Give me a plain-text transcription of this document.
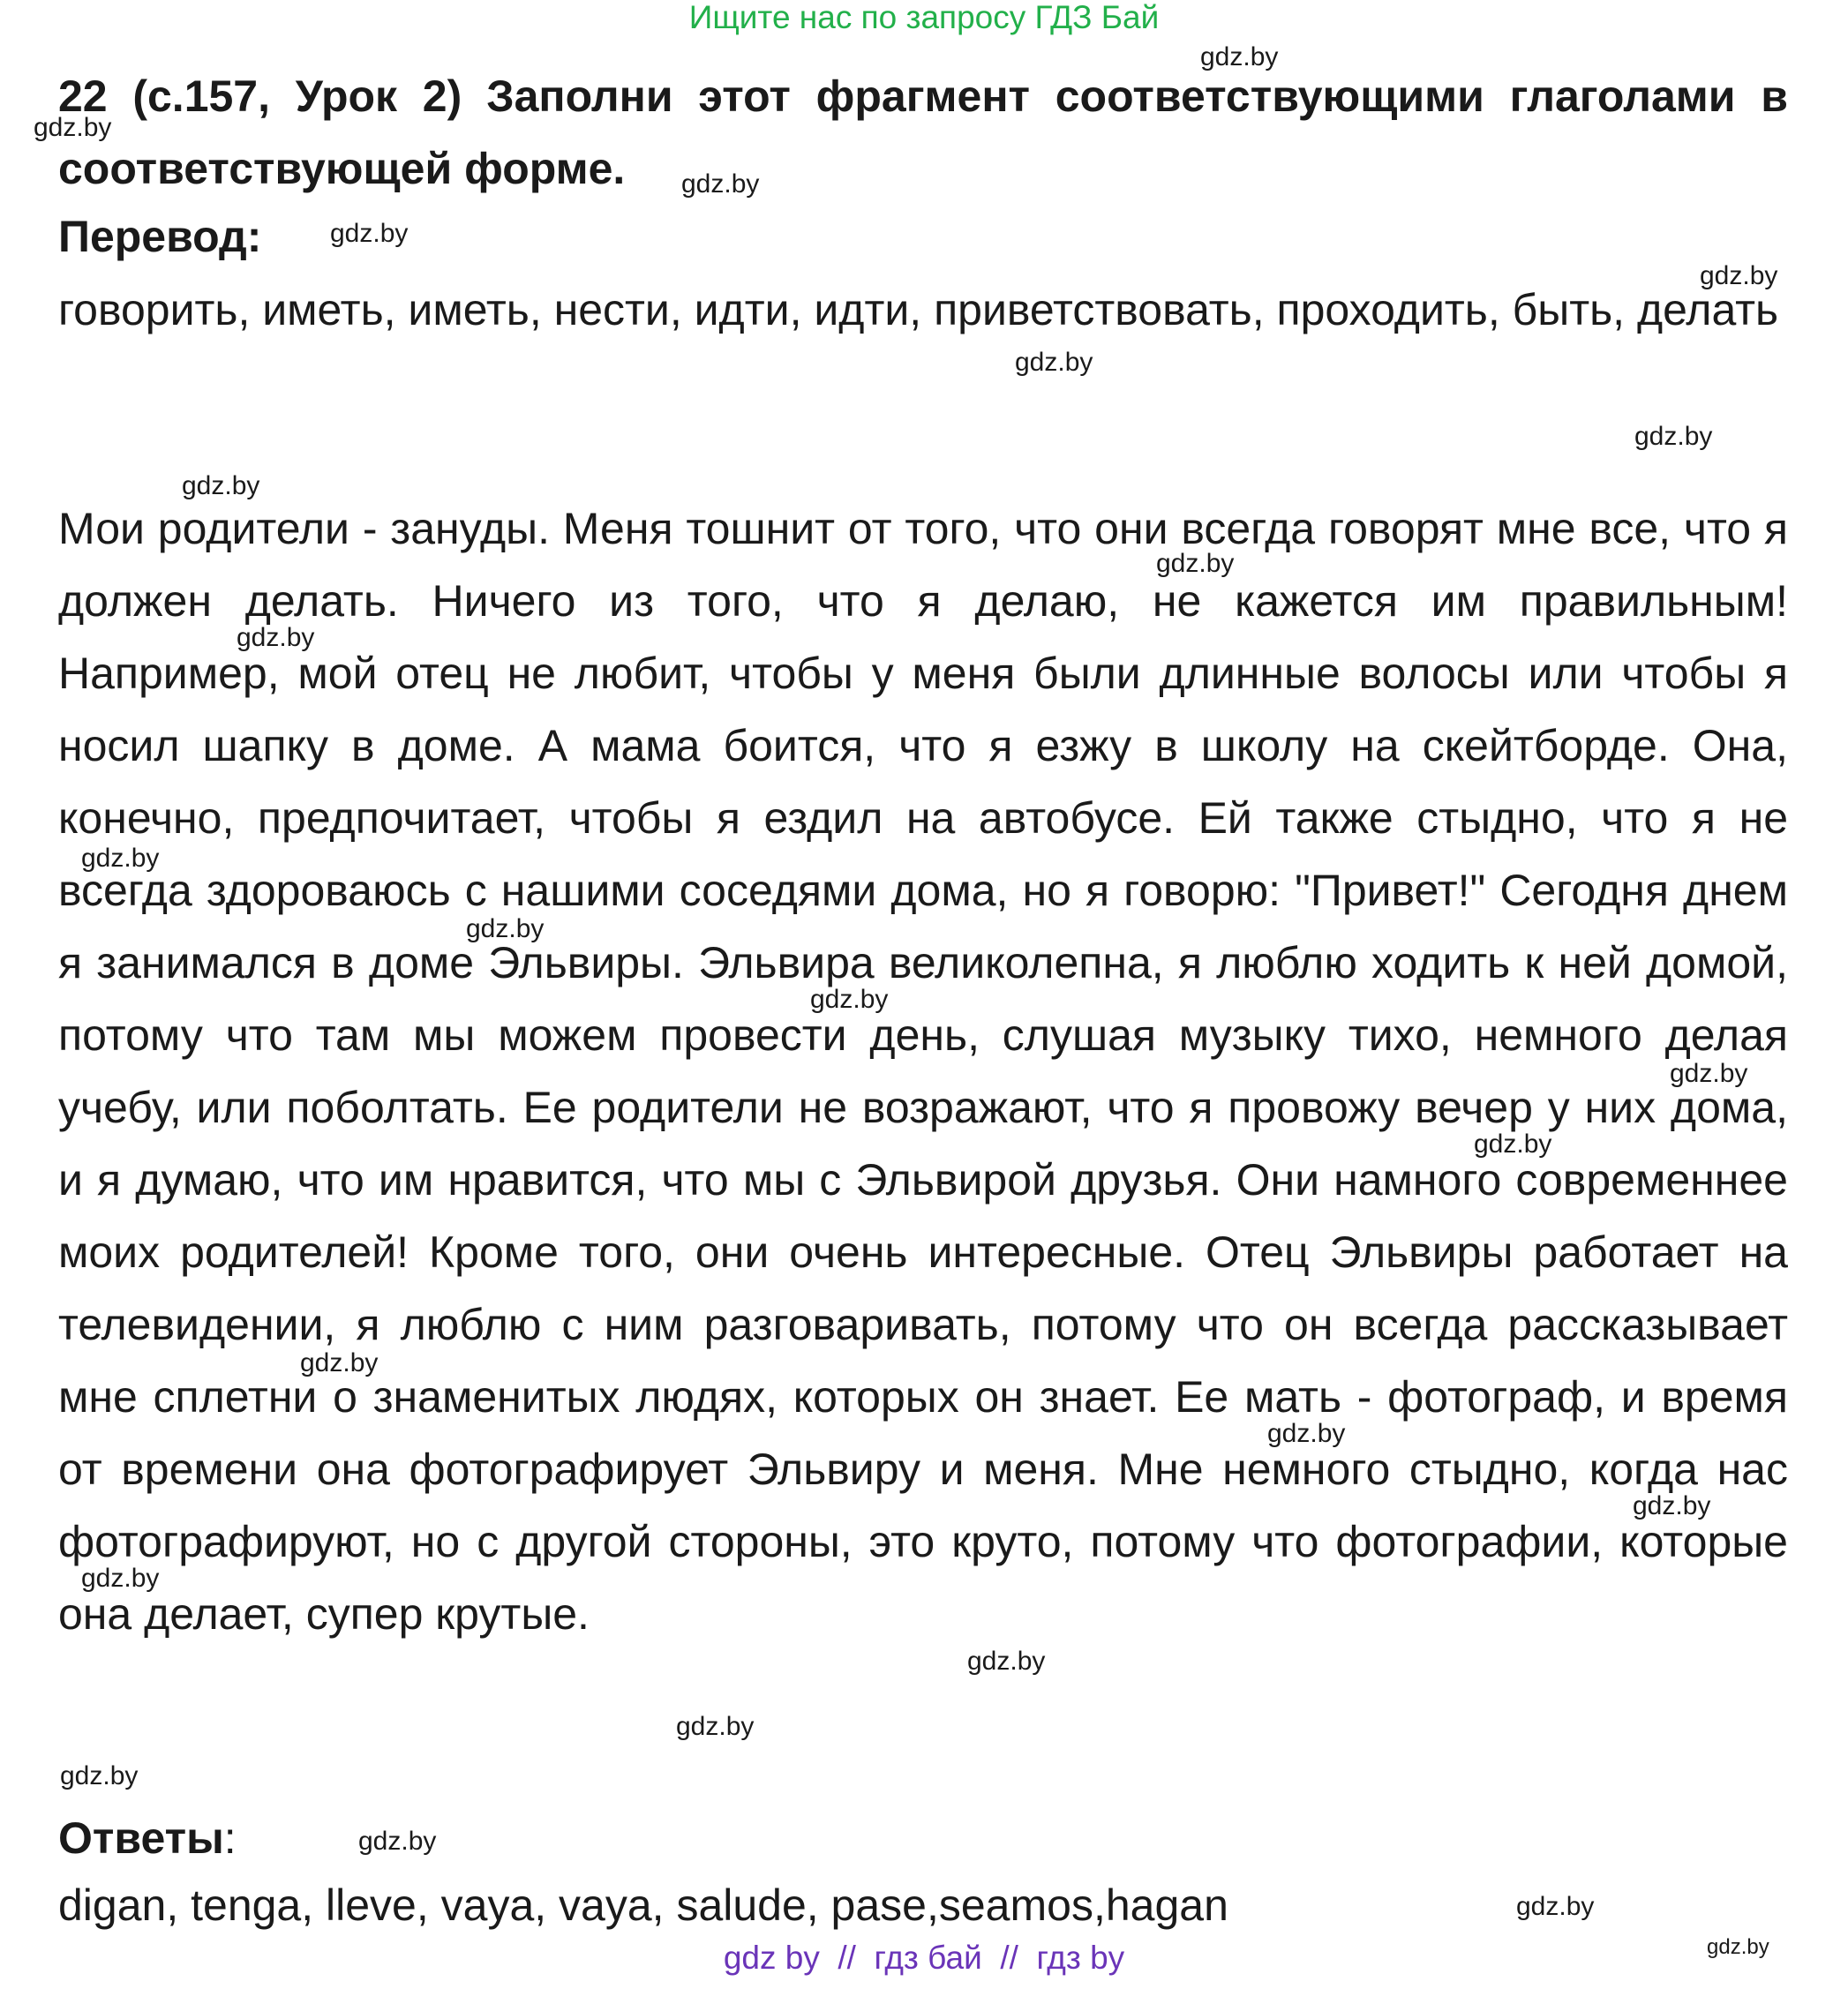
Ищите нас по запросу ГДЗ Бай

22 (с.157, Урок 2) Заполни этот фрагмент соответствующими глаголами в соответствующей форме.

Перевод:

говорить, иметь, иметь, нести, идти, идти, приветствовать, проходить, быть, делать

Мои родители - зануды. Меня тошнит от того, что они всегда говорят мне все, что я должен делать. Ничего из того, что я делаю, не кажется им правильным! Например, мой отец не любит, чтобы у меня были длинные волосы или чтобы я носил шапку в доме. А мама боится, что я езжу в школу на скейтборде. Она, конечно, предпочитает, чтобы я ездил на автобусе. Ей также стыдно, что я не всегда здороваюсь с нашими соседями дома, но я говорю: "Привет!" Сегодня днем я занимался в доме Эльвиры. Эльвира великолепна, я люблю ходить к ней домой, потому что там мы можем провести день, слушая музыку тихо, немного делая учебу, или поболтать. Ее родители не возражают, что я провожу вечер у них дома, и я думаю, что им нравится, что мы с Эльвирой друзья. Они намного современнее моих родителей! Кроме того, они очень интересные. Отец Эльвиры работает на телевидении, я люблю с ним разговаривать, потому что он всегда рассказывает мне сплетни о знаменитых людях, которых он знает. Ее мать - фотограф, и время от времени она фотографирует Эльвиру и меня. Мне немного стыдно, когда нас фотографируют, но с другой стороны, это круто, потому что фотографии, которые она делает, супер крутые.

Ответы:

digan, tenga, lleve, vaya, vaya, salude, pase,seamos,hagan

gdz.by
gdz.by
gdz.by
gdz.by
gdz.by
gdz.by
gdz.by
gdz.by
gdz.by
gdz.by
gdz.by
gdz.by
gdz.by
gdz.by
gdz.by
gdz.by
gdz.by
gdz.by
gdz.by
gdz.by
gdz.by
gdz.by
gdz.by
gdz.by
gdz.by
gdz by  //  гдз бай  //  гдз by
